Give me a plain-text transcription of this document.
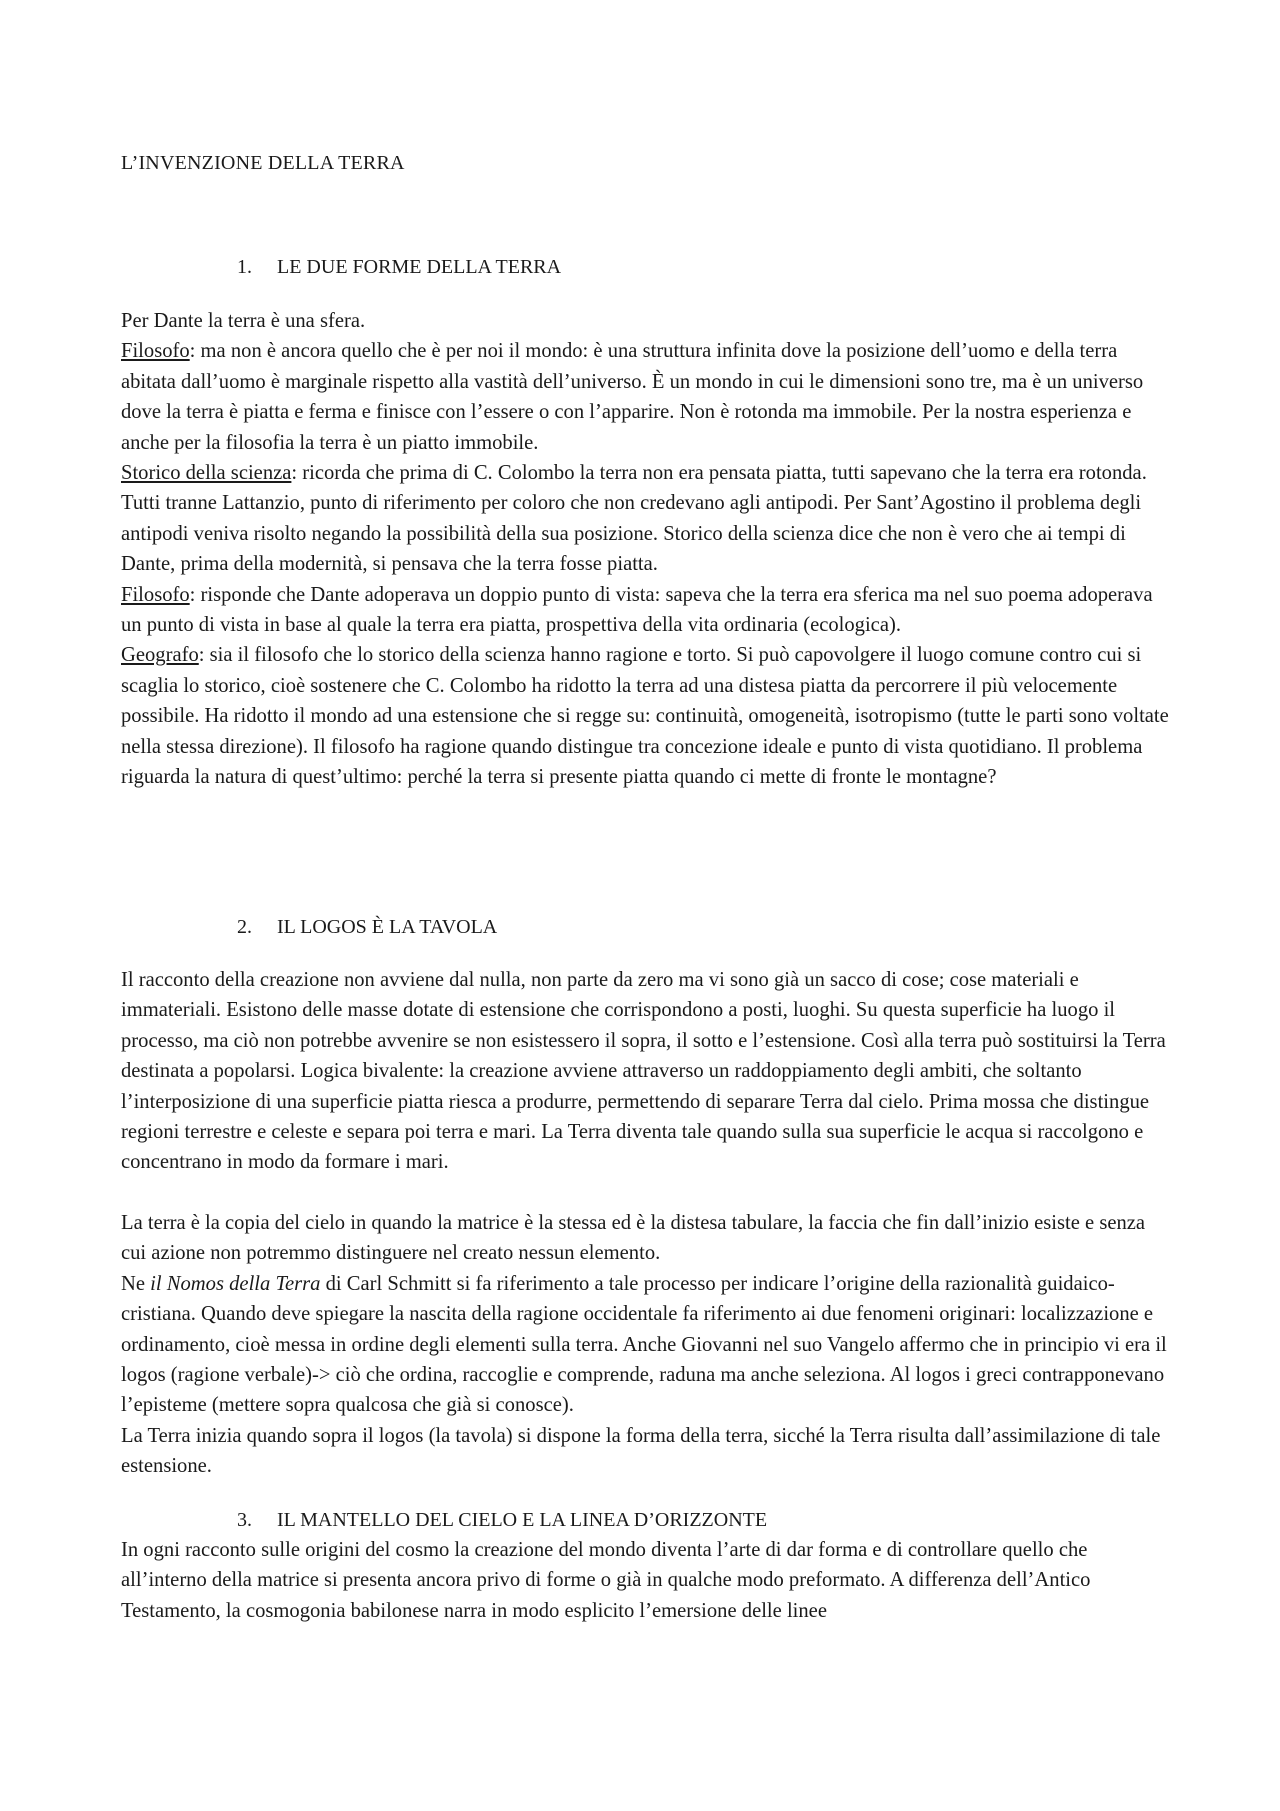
L’INVENZIONE DELLA TERRA
1. LE DUE FORME DELLA TERRA

Per Dante la terra è una sfera.
Filosofo: ma non è ancora quello che è per noi il mondo: è una struttura infinita dove la posizione dell’uomo e della terra abitata dall’uomo è marginale rispetto alla vastità dell’universo. È un mondo in cui le dimensioni sono tre, ma è un universo dove la terra è piatta e ferma e finisce con l’essere o con l’apparire. Non è rotonda ma immobile. Per la nostra esperienza e anche per la filosofia la terra è un piatto immobile.
Storico della scienza: ricorda che prima di C. Colombo la terra non era pensata piatta, tutti sapevano che la terra era rotonda. Tutti tranne Lattanzio, punto di riferimento per coloro che non credevano agli antipodi. Per Sant’Agostino il problema degli antipodi veniva risolto negando la possibilità della sua posizione. Storico della scienza dice che non è vero che ai tempi di Dante, prima della modernità, si pensava che la terra fosse piatta.
Filosofo: risponde che Dante adoperava un doppio punto di vista: sapeva che la terra era sferica ma nel suo poema adoperava un punto di vista in base al quale la terra era piatta, prospettiva della vita ordinaria (ecologica).
Geografo: sia il filosofo che lo storico della scienza hanno ragione e torto. Si può capovolgere il luogo comune contro cui si scaglia lo storico, cioè sostenere che C. Colombo ha ridotto la terra ad una distesa piatta da percorrere il più velocemente possibile. Ha ridotto il mondo ad una estensione che si regge su: continuità, omogeneità, isotropismo (tutte le parti sono voltate nella stessa direzione). Il filosofo ha ragione quando distingue tra concezione ideale e punto di vista quotidiano. Il problema riguarda la natura di quest’ultimo: perché la terra si presente piatta quando ci mette di fronte le montagne?

2. IL LOGOS È LA TAVOLA

Il racconto della creazione non avviene dal nulla, non parte da zero ma vi sono già un sacco di cose; cose materiali e immateriali. Esistono delle masse dotate di estensione che corrispondono a posti, luoghi. Su questa superficie ha luogo il processo, ma ciò non potrebbe avvenire se non esistessero il sopra, il sotto e l’estensione. Così alla terra può sostituirsi la Terra destinata a popolarsi. Logica bivalente: la creazione avviene attraverso un raddoppiamento degli ambiti, che soltanto l’interposizione di una superficie piatta riesca a produrre, permettendo di separare Terra dal cielo. Prima mossa che distingue regioni terrestre e celeste e separa poi terra e mari. La Terra diventa tale quando sulla sua superficie le acqua si raccolgono e concentrano in modo da formare i mari.

La terra è la copia del cielo in quando la matrice è la stessa ed è la distesa tabulare, la faccia che fin dall’inizio esiste e senza cui azione non potremmo distinguere nel creato nessun elemento.
Ne il Nomos della Terra di Carl Schmitt si fa riferimento a tale processo per indicare l’origine della razionalità guidaico-cristiana. Quando deve spiegare la nascita della ragione occidentale fa riferimento ai due fenomeni originari: localizzazione e ordinamento, cioè messa in ordine degli elementi sulla terra. Anche Giovanni nel suo Vangelo affermo che in principio vi era il logos (ragione verbale)-> ciò che ordina, raccoglie e comprende, raduna ma anche seleziona. Al logos i greci contrapponevano l’episteme (mettere sopra qualcosa che già si conosce).
La Terra inizia quando sopra il logos (la tavola) si dispone la forma della terra, sicché la Terra risulta dall’assimilazione di tale estensione.

3. IL MANTELLO DEL CIELO E LA LINEA D’ORIZZONTE

In ogni racconto sulle origini del cosmo la creazione del mondo diventa l’arte di dar forma e di controllare quello che all’interno della matrice si presenta ancora privo di forme o già in qualche modo preformato. A differenza dell’Antico Testamento, la cosmogonia babilonese narra in modo esplicito l’emersione delle linee
